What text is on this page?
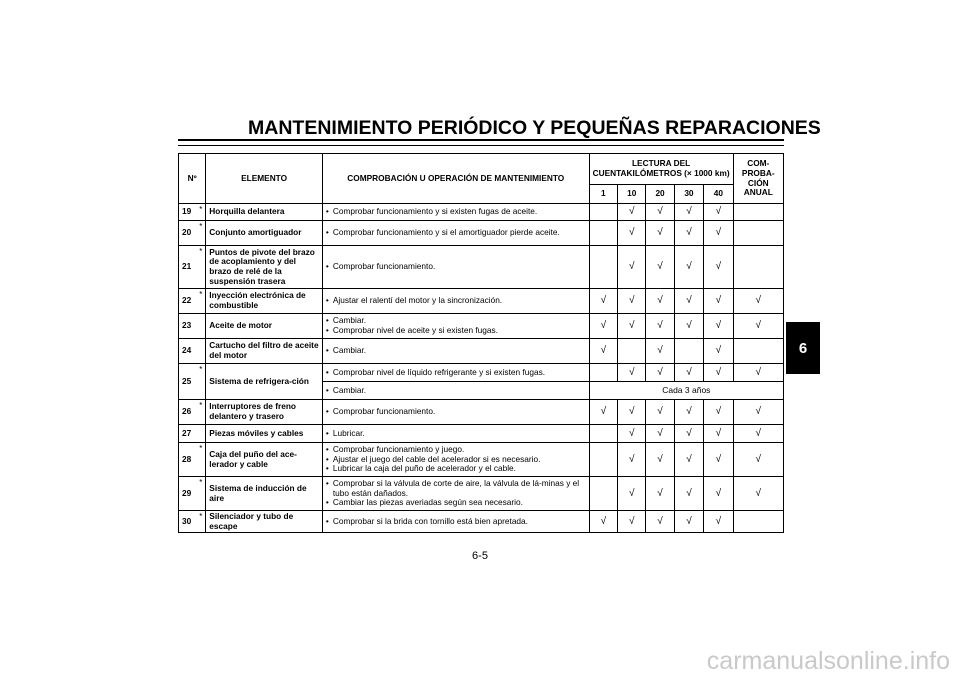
MANTENIMIENTO PERIÓDICO Y PEQUEÑAS REPARACIONES
6
Nº		ELEMENTO	COMPROBACIÓN U OPERACIÓN DE MANTENIMIENTO	LECTURA DEL CUENTAKILÓMETROS (× 1000 km)					COM-PROBA-CIÓN ANUAL
				1	10	20	30	40	
19	*	Horquilla delantera	• Comprobar funcionamiento y si existen fugas de aceite.		√	√	√	√	
20	*	Conjunto amortiguador	• Comprobar funcionamiento y si el amortiguador pierde aceite.		√	√	√	√	
21	*	Puntos de pivote del brazo de acoplamiento y del brazo de relé de la suspensión trasera	• Comprobar funcionamiento.		√	√	√	√	
22	*	Inyección electrónica de combustible	• Ajustar el ralentí del motor y la sincronización.	√	√	√	√	√	√
23		Aceite de motor	• Cambiar.
• Comprobar nivel de aceite y si existen fugas.	√	√	√	√	√	√
24		Cartucho del filtro de aceite del motor	• Cambiar.	√		√		√	
25	*	Sistema de refrigera-ción	• Comprobar nivel de líquido refrigerante y si existen fugas.		√	√	√	√	√

			• Cambiar.	Cada 3 años					
26	*	Interruptores de freno delantero y trasero	• Comprobar funcionamiento.	√	√	√	√	√	√
27		Piezas móviles y cables	• Lubricar.		√	√	√	√	√
28	*	Caja del puño del ace-lerador y cable	• Comprobar funcionamiento y juego.
• Ajustar el juego del cable del acelerador si es necesario.
• Lubricar la caja del puño de acelerador y el cable.		√	√	√	√	√
29	*	Sistema de inducción de aire	• Comprobar si la válvula de corte de aire, la válvula de lá-minas y el tubo están dañados.
• Cambiar las piezas averiadas según sea necesario.		√	√	√	√	√
30	*	Silenciador y tubo de escape	• Comprobar si la brida con tornillo está bien apretada.	√	√	√	√	√	
6-5
carmanualsonline.info
